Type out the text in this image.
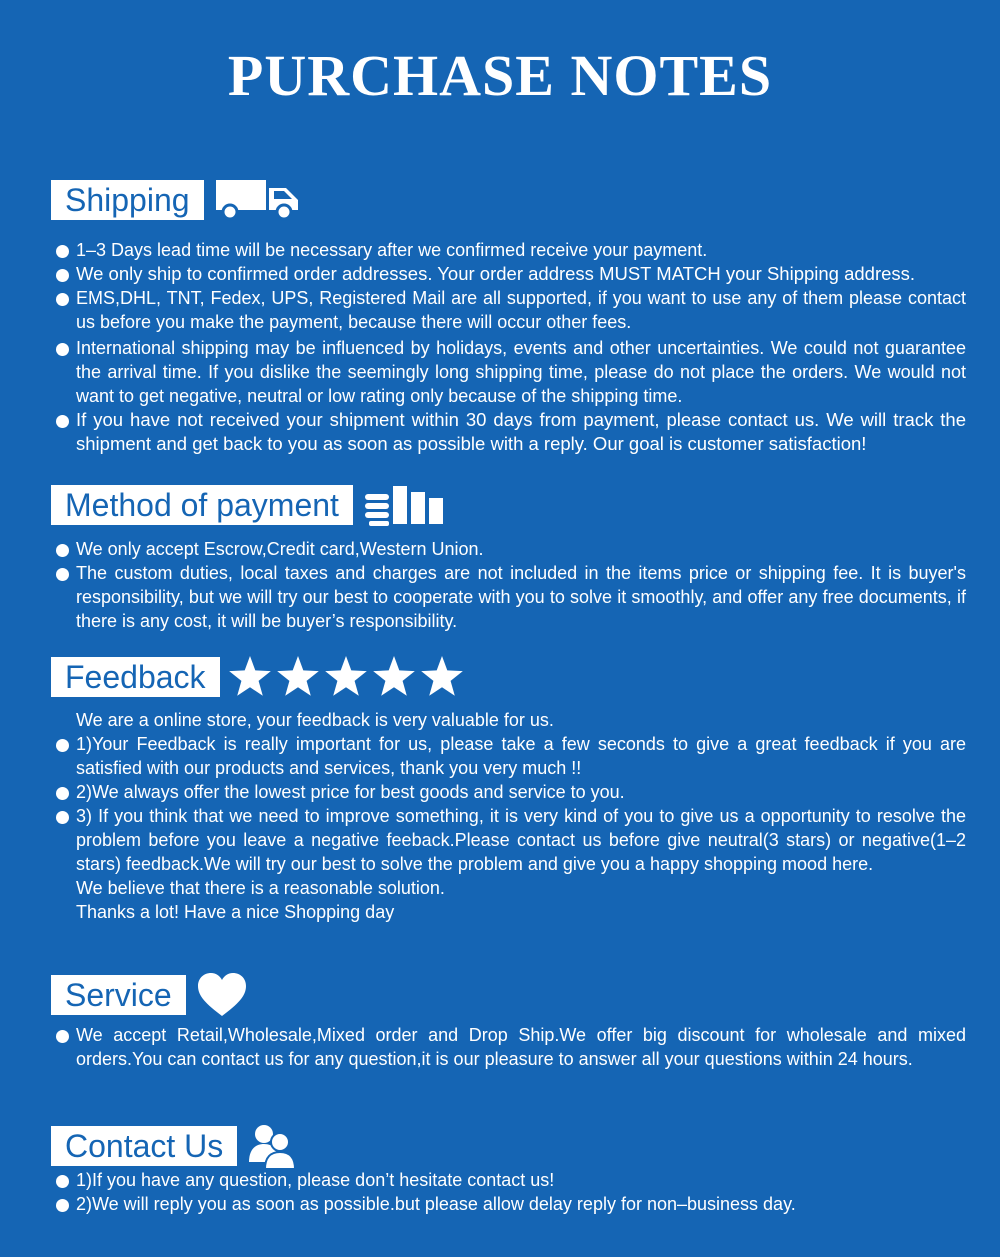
PURCHASE NOTES
Shipping
1–3 Days lead time will be necessary after we confirmed receive your payment.
We only ship to confirmed order addresses. Your order address MUST MATCH your Shipping address.
EMS,DHL, TNT, Fedex, UPS, Registered Mail are all supported, if you want to use any of them please contact us before you make the payment, because there will occur other fees.
International shipping may be influenced by holidays, events and other uncertainties. We could not guarantee the arrival time. If you dislike the seemingly long shipping time, please do not place the orders. We would not want to get negative, neutral or low rating only because of the shipping time.
If you have not received your shipment within 30 days from payment, please contact us. We will track the shipment and get back to you as soon as possible with a reply. Our goal is customer satisfaction!
Method of payment
We only accept Escrow,Credit card,Western Union.
The custom duties, local taxes and charges are not included in the items price or shipping fee. It is buyer's responsibility, but we will try our best to cooperate with you to solve it smoothly, and offer any free documents, if there is any cost, it will be buyer’s responsibility.
Feedback
We are a online store, your feedback is very valuable for us.
1)Your Feedback is really important for us, please take a few seconds to give a great feedback if you are satisfied with our products and services, thank you very much !!
2)We always offer the lowest price for best goods and service to you.
3) If you think that we need to improve something, it is very kind of you to give us a opportunity to resolve the problem before you leave a negative feeback.Please contact us before give neutral(3 stars) or negative(1–2 stars) feedback.We will try our best to solve the problem and give you a happy shopping mood here.
We believe that there is a reasonable solution.
Thanks a lot! Have a nice Shopping day
Service
We accept Retail,Wholesale,Mixed order and Drop Ship.We offer big discount for wholesale and mixed orders.You can contact us for any question,it is our pleasure to answer all your questions within 24 hours.
Contact Us
1)If you have any question, please don’t hesitate contact us!
2)We will reply you as soon as possible.but please allow delay reply for non–business day.
